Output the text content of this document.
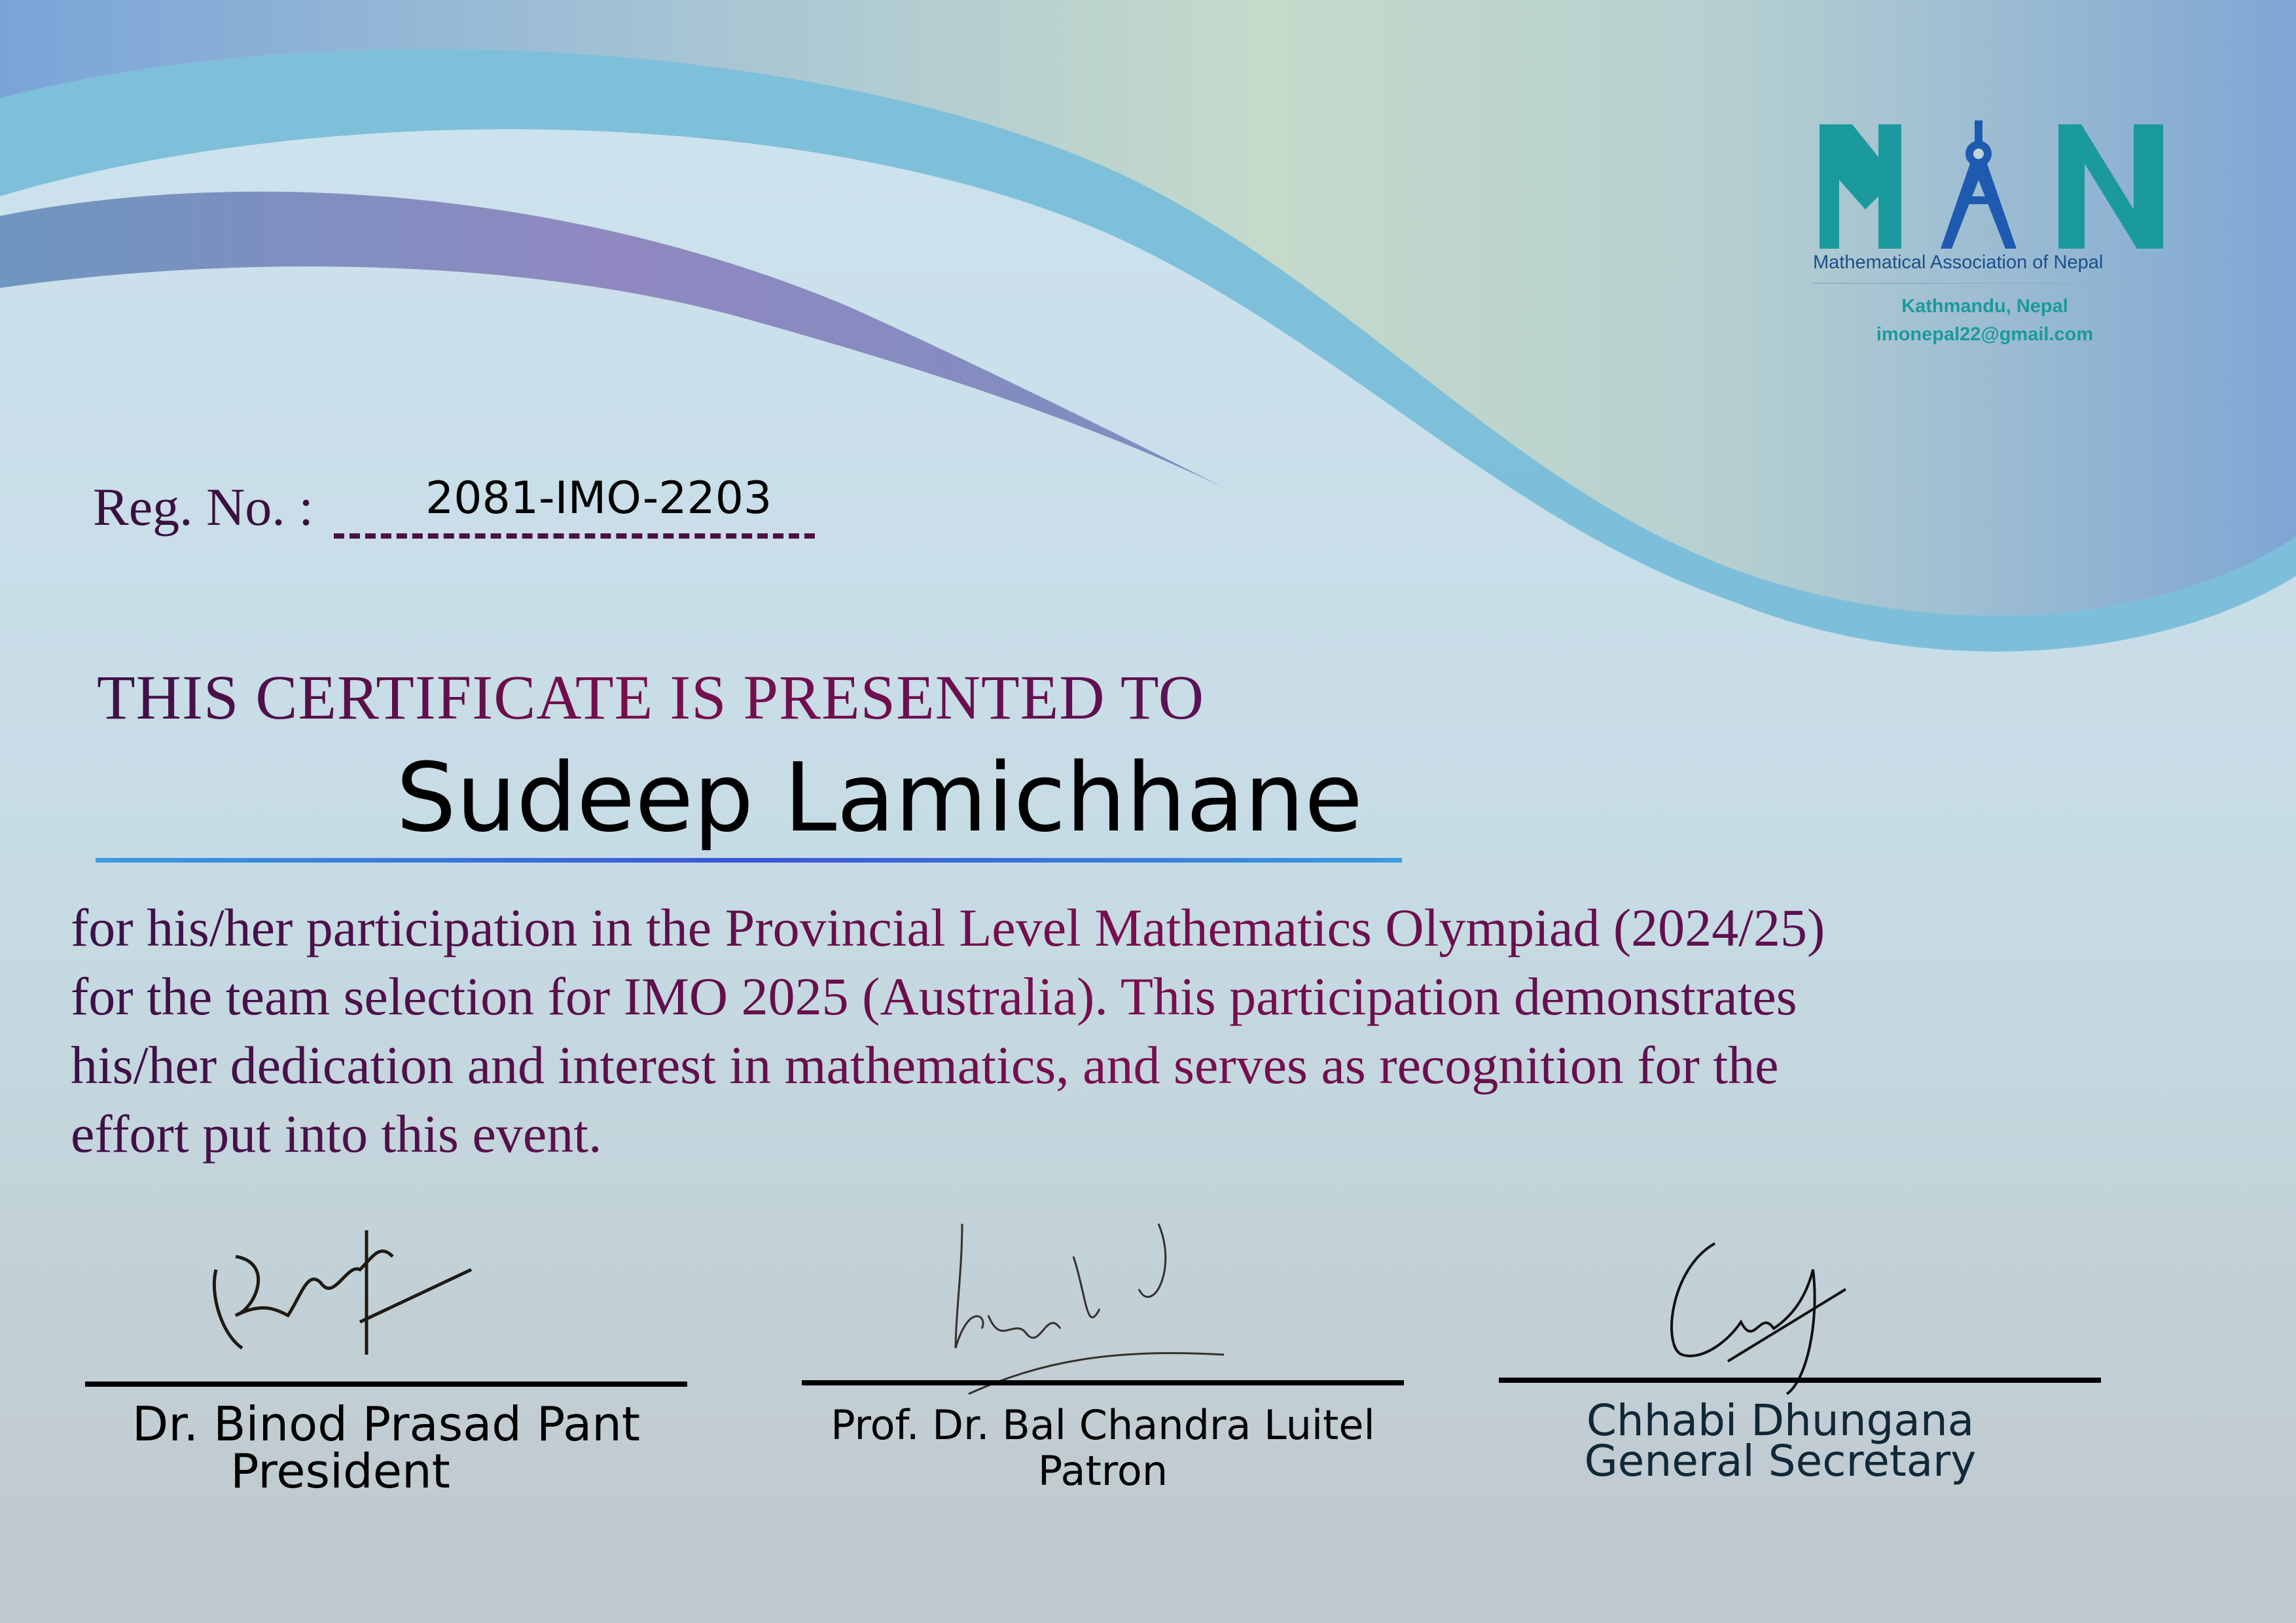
Mathematical Association of Nepal
Kathmandu, Nepal
imonepal22@gmail.com
Reg. No. :	2081-IMO-2203
THIS CERTIFICATE IS PRESENTED TO
Sudeep Lamichhane
for his/her participation in the Provincial Level Mathematics Olympiad (2024/25)
for the team selection for IMO 2025 (Australia). This participation demonstrates
his/her dedication and interest in mathematics, and serves as recognition for the
effort put into this event.
Dr. Binod Prasad Pant
President
Prof. Dr. Bal Chandra Luitel
Patron
Chhabi Dhungana
General Secretary
